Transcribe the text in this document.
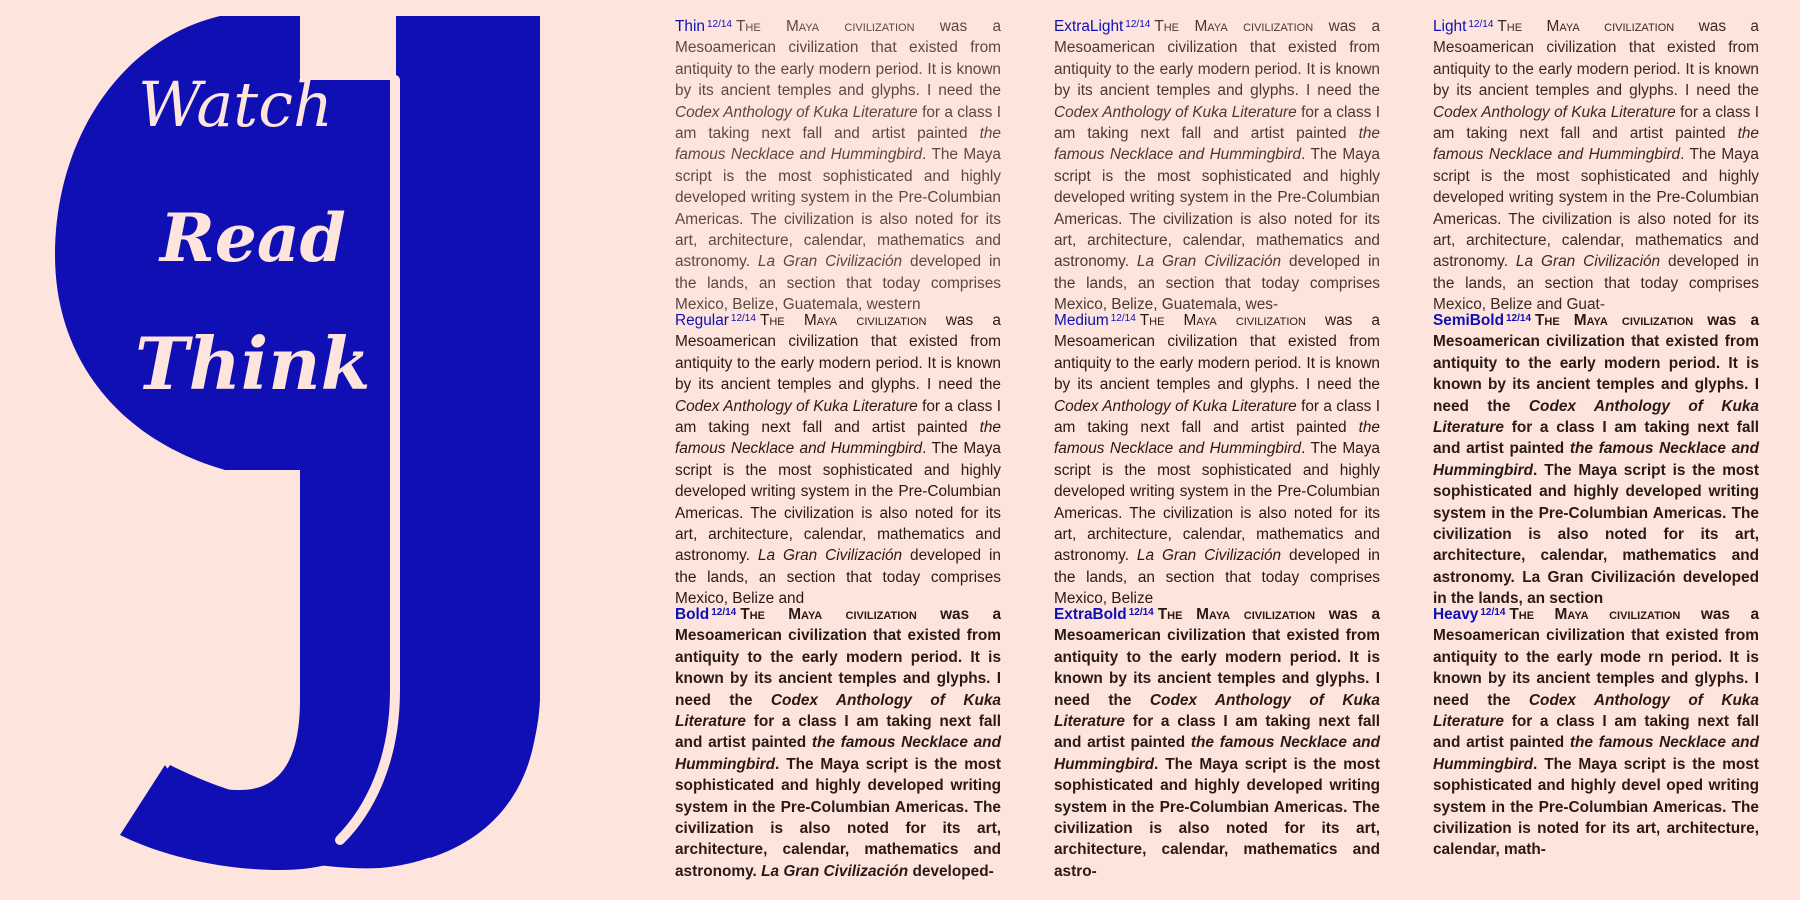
Watch
Read
Think
Thin $^{12/14}$ The Maya civilization was a Mesoamerican civilization that existed from antiquity to the early modern period. It is known by its ancient temples and glyphs. I need the Codex Anthology of Kuka Literature for a class I am taking next fall and artist painted the famous Necklace and Hummingbird. The Maya script is the most sophisticated and highly developed writing system in the Pre-Columbian Americas. The civilization is also noted for its art, architecture, calendar, mathematics and astronomy. La Gran Civilización developed in the lands, an section that today comprises Mexico, Belize, Guatemala, western
ExtraLight $^{12/14}$ The Maya civilization was a Mesoamerican civilization that existed from antiquity to the early modern period. It is known by its ancient temples and glyphs. I need the Codex Anthology of Kuka Literature for a class I am taking next fall and artist painted the famous Necklace and Hummingbird. The Maya script is the most sophisticated and highly developed writing system in the Pre-Columbian Americas. The civilization is also noted for its art, architecture, calendar, mathematics and astronomy. La Gran Civilización developed in the lands, an section that today comprises Mexico, Belize, Guatemala, wes-
Light $^{12/14}$ The Maya civilization was a Mesoamerican civilization that existed from antiquity to the early modern period. It is known by its ancient temples and glyphs. I need the Codex Anthology of Kuka Literature for a class I am taking next fall and artist painted the famous Necklace and Hummingbird. The Maya script is the most sophisticated and highly developed writing system in the Pre-Columbian Americas. The civilization is also noted for its art, architecture, calendar, mathematics and astronomy. La Gran Civilización developed in the lands, an section that today comprises Mexico, Belize and Guat-
Regular $^{12/14}$ The Maya civilization was a Mesoamerican civilization that existed from antiquity to the early modern period. It is known by its ancient temples and glyphs. I need the Codex Anthology of Kuka Literature for a class I am taking next fall and artist painted the famous Necklace and Hummingbird. The Maya script is the most sophisticated and highly developed writing system in the Pre-Columbian Americas. The civilization is also noted for its art, architecture, calendar, mathematics and astronomy. La Gran Civilización developed in the lands, an section that today comprises Mexico, Belize and
Medium $^{12/14}$ The Maya civilization was a Mesoamerican civilization that existed from antiquity to the early modern period. It is known by its ancient temples and glyphs. I need the Codex Anthology of Kuka Literature for a class I am taking next fall and artist painted the famous Necklace and Hummingbird. The Maya script is the most sophisticated and highly developed writing system in the Pre-Columbian Americas. The civilization is also noted for its art, architecture, calendar, mathematics and astronomy. La Gran Civilización developed in the lands, an section that today comprises Mexico, Belize
SemiBold $^{12/14}$ The Maya civilization was a Mesoamerican civilization that existed from antiquity to the early modern period. It is known by its ancient temples and glyphs. I need the Codex Anthology of Kuka Literature for a class I am taking next fall and artist painted the famous Necklace and Hummingbird. The Maya script is the most sophisticated and highly developed writing system in the Pre-Columbian Americas. The civilization is also noted for its art, architecture, calendar, mathematics and astronomy. La Gran Civilización developed in the lands, an section
Bold $^{12/14}$ The Maya civilization was a Mesoamerican civilization that existed from antiquity to the early modern period. It is known by its ancient temples and glyphs. I need the Codex Anthology of Kuka Literature for a class I am taking next fall and artist painted the famous Necklace and Hummingbird. The Maya script is the most sophisticated and highly developed writing system in the Pre-Columbian Americas. The civilization is also noted for its art, architecture, calendar, mathematics and astronomy. La Gran Civilización developed-
ExtraBold $^{12/14}$ The Maya civilization was a Mesoamerican civilization that existed from antiquity to the early modern period. It is known by its ancient temples and glyphs. I need the Codex Anthology of Kuka Literature for a class I am taking next fall and artist painted the famous Necklace and Hummingbird. The Maya script is the most sophisticated and highly developed writing system in the Pre-Columbian Americas. The civilization is also noted for its art, architecture, calendar, mathematics and astro-
Heavy $^{12/14}$ The Maya civilization was a Mesoamerican civilization that existed from antiquity to the early mode rn period. It is known by its ancient temples and glyphs. I need the Codex Anthology of Kuka Literature for a class I am taking next fall and artist painted the famous Necklace and Hummingbird. The Maya script is the most sophisticated and highly devel oped writing system in the Pre-Columbian Americas. The civilization is noted for its art, architecture, calendar, math-
